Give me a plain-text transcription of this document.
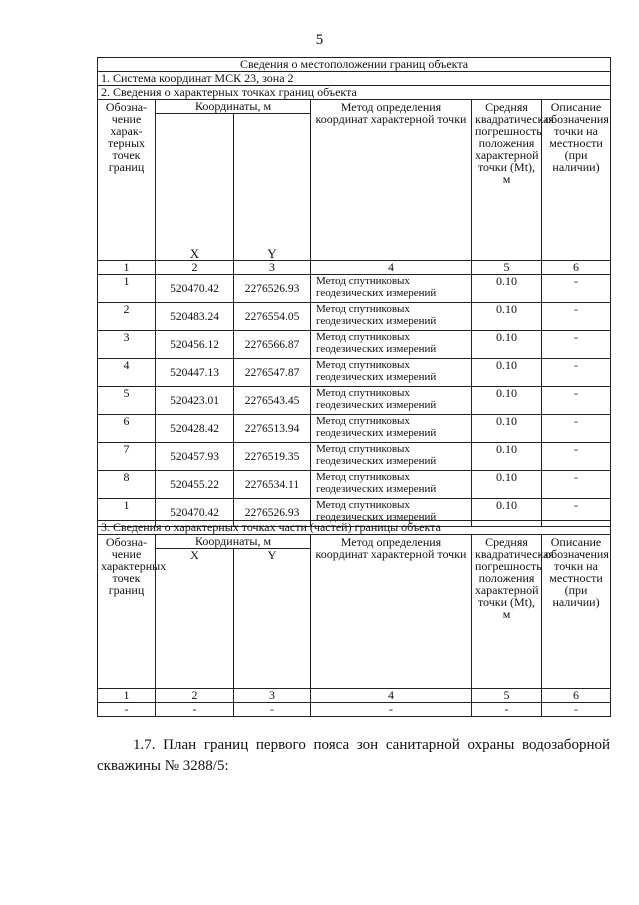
5
Сведения о местоположении границ объекта					
1. Система координат МСК 23, зона 2					
2. Сведения о характерных точках границ объекта					
Обозна-чение харак-терных точек границ	Координаты, м		Метод определения координат характерной точки	Средняя квадратическая погрешность положения характерной точки (Mt), м	Описание обозначения точки на местности (при наличии)
	X	Y			
1	2	3	4	5	6
1	520470.42	2276526.93	Метод спутниковых геодезических измерений	0.10	-
2	520483.24	2276554.05	Метод спутниковых геодезических измерений	0.10	-
3	520456.12	2276566.87	Метод спутниковых геодезических измерений	0.10	-
4	520447.13	2276547.87	Метод спутниковых геодезических измерений	0.10	-
5	520423.01	2276543.45	Метод спутниковых геодезических измерений	0.10	-
6	520428.42	2276513.94	Метод спутниковых геодезических измерений	0.10	-
7	520457.93	2276519.35	Метод спутниковых геодезических измерений	0.10	-
8	520455.22	2276534.11	Метод спутниковых геодезических измерений	0.10	-
1	520470.42	2276526.93	Метод спутниковых геодезических измерений	0.10	-
3. Сведения о характерных точках части (частей) границы объекта					
Обозна-чение характерных точек границ	Координаты, м		Метод определения координат характерной точки	Средняя квадратическая погрешность положения характерной точки (Mt), м	Описание обозначения точки на местности (при наличии)
	X	Y			
1	2	3	4	5	6
-	-	-	-	-	-
1.7. План границ первого пояса зон санитарной охраны водозаборной
скважины № 3288/5:
